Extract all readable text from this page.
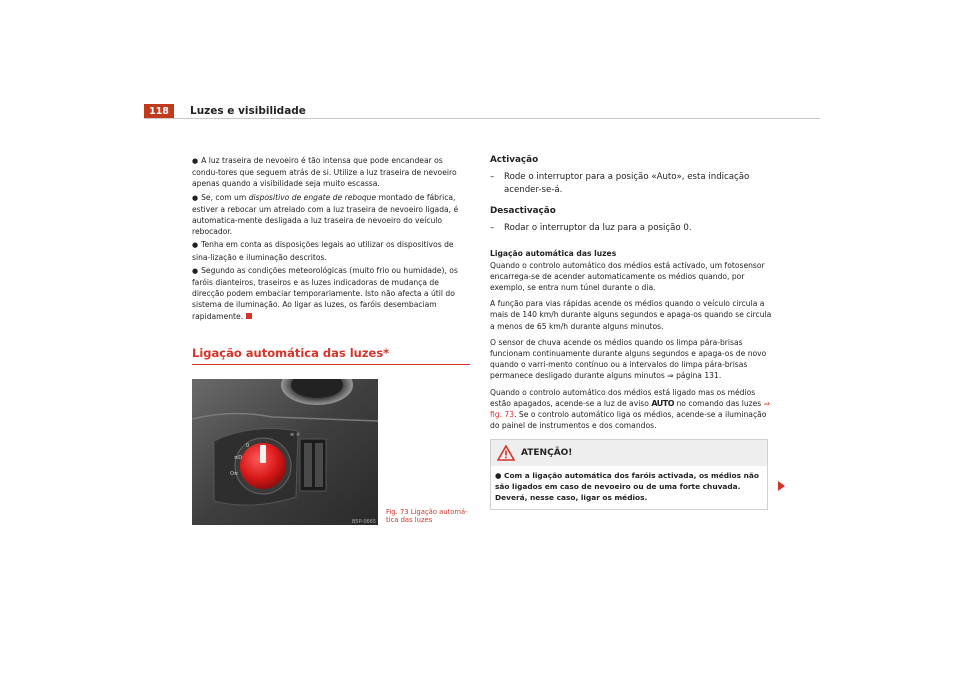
118	Luzes e visibilidade

● A luz traseira de nevoeiro é tão intensa que pode encandear os condu-tores que seguem atrás de si. Utilize a luz traseira de nevoeiro apenas quando a visibilidade seja muito escassa.

● Se, com um dispositivo de engate de reboque montado de fábrica, estiver a rebocar um atrelado com a luz traseira de nevoeiro ligada, é automatica-mente desligada a luz traseira de nevoeiro do veículo rebocador.

● Tenha em conta as disposições legais ao utilizar os dispositivos de sina-lização e iluminação descritos.

● Segundo as condições meteorológicas (muito frio ou humidade), os faróis dianteiros, traseiros e as luzes indicadoras de mudança de direcção podem embaciar temporariamente. Isto não afecta a útil do sistema de iluminação. Ao ligar as luzes, os faróis desembaciam rapidamente.

Ligação automática das luzes*
0
≡D
O≡
≋ ☼
B5P-0665
Fig. 73 Ligação automá-tica das luzes

Activação

–	Rode o interruptor para a posição «Auto», esta indicação acender-se-á.

Desactivação

–	Rodar o interruptor da luz para a posição 0.

Ligação automática das luzes

Quando o controlo automático dos médios está activado, um fotosensor encarrega-se de acender automaticamente os médios quando, por exemplo, se entra num túnel durante o dia.

A função para vias rápidas acende os médios quando o veículo circula a mais de 140 km/h durante alguns segundos e apaga-os quando se circula a menos de 65 km/h durante alguns minutos.

O sensor de chuva acende os médios quando os limpa pára-brisas funcionam continuamente durante alguns segundos e apaga-os de novo quando o varri-mento contínuo ou a intervalos do limpa pára-brisas permanece desligado durante alguns minutos ⇒ página 131.

Quando o controlo automático dos médios está ligado mas os médios estão apagados, acende-se a luz de aviso AUTO no comando das luzes ⇒ fig. 73. Se o controlo automático liga os médios, acende-se a iluminação do painel de instrumentos e dos comandos.

ATENÇÃO!
● Com a ligação automática dos faróis activada, os médios não são ligados em caso de nevoeiro ou de uma forte chuvada. Deverá, nesse caso, ligar os médios.
